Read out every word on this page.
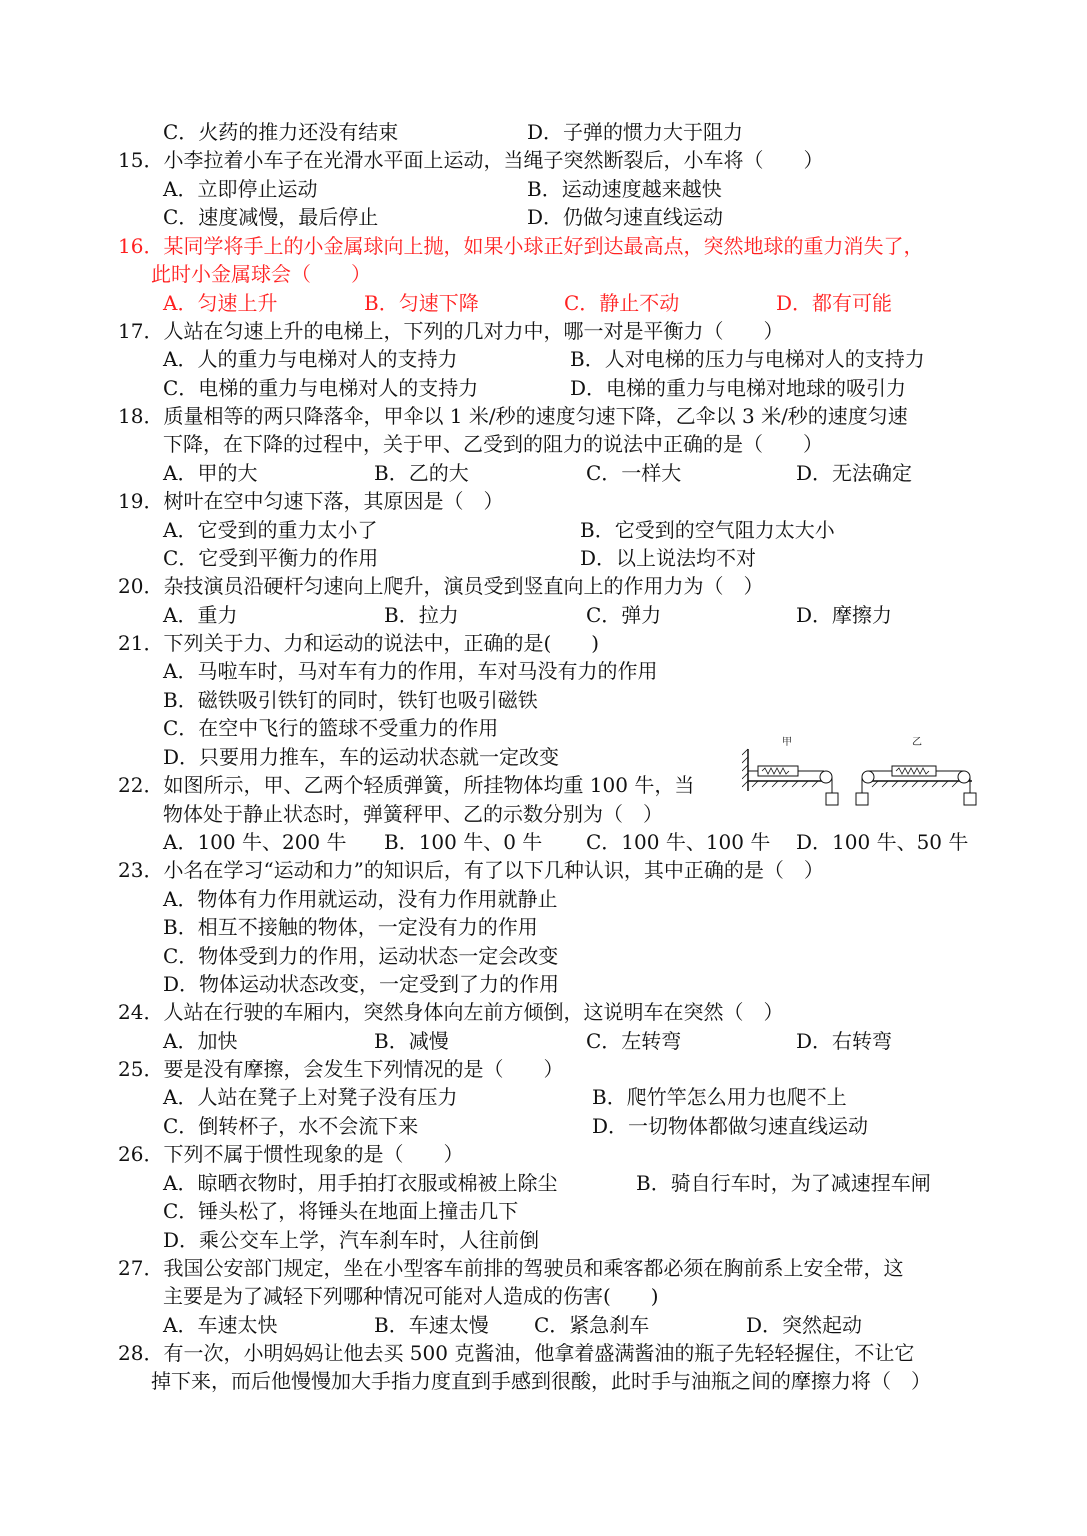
C．火药的推力还没有结束	D．子弹的惯力大于阻力
15．小李拉着小车子在光滑水平面上运动，当绳子突然断裂后，小车将（　　）
A．立即停止运动	B．运动速度越来越快
C．速度减慢，最后停止	D．仍做匀速直线运动
16．某同学将手上的小金属球向上抛，如果小球正好到达最高点，突然地球的重力消失了，
此时小金属球会（　　）
A．匀速上升	B．匀速下降	C．静止不动	D．都有可能
17．人站在匀速上升的电梯上，下列的几对力中，哪一对是平衡力（　　）
A．人的重力与电梯对人的支持力	B．人对电梯的压力与电梯对人的支持力
C．电梯的重力与电梯对人的支持力	D．电梯的重力与电梯对地球的吸引力
18．质量相等的两只降落伞，甲伞以 1 米/秒的速度匀速下降，乙伞以 3 米/秒的速度匀速
下降，在下降的过程中，关于甲、乙受到的阻力的说法中正确的是（　　）
A．甲的大	B．乙的大	C．一样大	D．无法确定
19．树叶在空中匀速下落，其原因是（　）
A．它受到的重力太小了	B．它受到的空气阻力太大小
C．它受到平衡力的作用	D．以上说法均不对
20．杂技演员沿硬杆匀速向上爬升，演员受到竖直向上的作用力为（　）
A．重力	B．拉力	C．弹力	D．摩擦力
21．下列关于力、力和运动的说法中，正确的是(　　)
A．马啦车时，马对车有力的作用，车对马没有力的作用
B．磁铁吸引铁钉的同时，铁钉也吸引磁铁
C．在空中飞行的篮球不受重力的作用
D．只要用力推车，车的运动状态就一定改变
22．如图所示，甲、乙两个轻质弹簧，所挂物体均重 100 牛，当
物体处于静止状态时，弹簧秤甲、乙的示数分别为（　）
A．100 牛、200 牛 B．100 牛、0 牛 C．100 牛、100 牛 D．100 牛、50 牛
23．小名在学习“运动和力”的知识后，有了以下几种认识，其中正确的是（　）
A．物体有力作用就运动，没有力作用就静止
B．相互不接触的物体，一定没有力的作用
C．物体受到力的作用，运动状态一定会改变
D．物体运动状态改变，一定受到了力的作用
24．人站在行驶的车厢内，突然身体向左前方倾倒，这说明车在突然（　）
A．加快	B．减慢	C．左转弯	D．右转弯
25．要是没有摩擦，会发生下列情况的是（　　）
A．人站在凳子上对凳子没有压力	B．爬竹竿怎么用力也爬不上
C．倒转杯子，水不会流下来	D．一切物体都做匀速直线运动
26．下列不属于惯性现象的是（　　）
A．晾晒衣物时，用手拍打衣服或棉被上除尘	B．骑自行车时，为了减速捏车闸
C．锤头松了，将锤头在地面上撞击几下
D．乘公交车上学，汽车刹车时，人往前倒
27．我国公安部门规定，坐在小型客车前排的驾驶员和乘客都必须在胸前系上安全带，这
主要是为了减轻下列哪种情况可能对人造成的伤害(　　)
A．车速太快	B．车速太慢 C．紧急刹车	D．突然起动
28．有一次，小明妈妈让他去买 500 克酱油，他拿着盛满酱油的瓶子先轻轻握住，不让它
掉下来，而后他慢慢加大手指力度直到手感到很酸，此时手与油瓶之间的摩擦力将（　）
甲	乙
